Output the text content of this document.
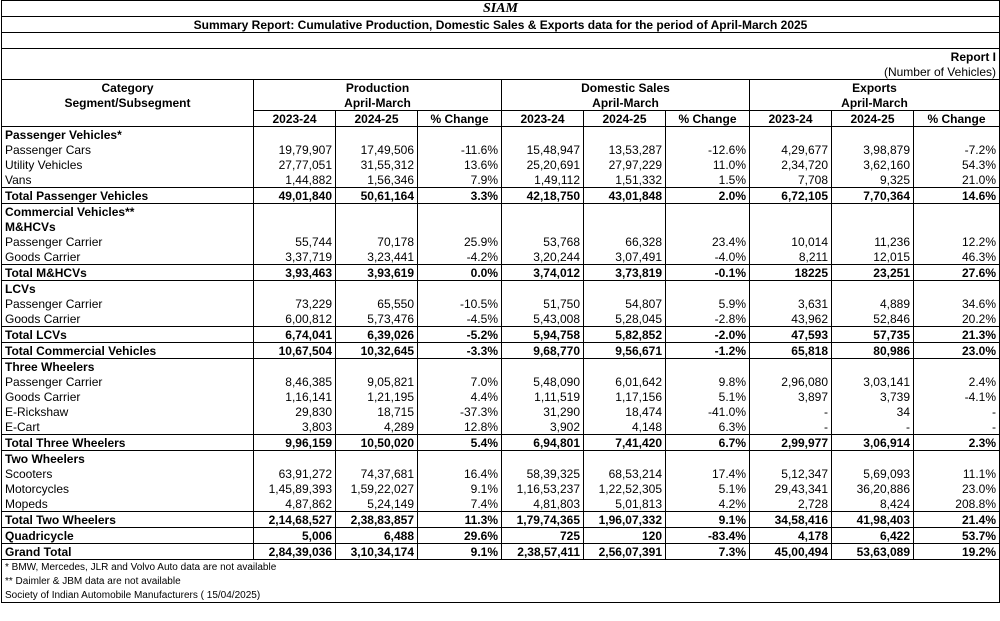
SIAM									
Summary Report: Cumulative Production, Domestic Sales & Exports data for the period of April-March 2025									

Report I									
(Number of Vehicles)									
Category	Production			Domestic Sales			Exports		
Segment/Subsegment	April-March			April-March			April-March		
	2023-24	2024-25	% Change	2023-24	2024-25	% Change	2023-24	2024-25	% Change
Passenger Vehicles*									
Passenger Cars	19,79,907	17,49,506	-11.6%	15,48,947	13,53,287	-12.6%	4,29,677	3,98,879	-7.2%
Utility Vehicles	27,77,051	31,55,312	13.6%	25,20,691	27,97,229	11.0%	2,34,720	3,62,160	54.3%
Vans	1,44,882	1,56,346	7.9%	1,49,112	1,51,332	1.5%	7,708	9,325	21.0%
Total Passenger Vehicles	49,01,840	50,61,164	3.3%	42,18,750	43,01,848	2.0%	6,72,105	7,70,364	14.6%
Commercial Vehicles**									
M&HCVs									
Passenger Carrier	55,744	70,178	25.9%	53,768	66,328	23.4%	10,014	11,236	12.2%
Goods Carrier	3,37,719	3,23,441	-4.2%	3,20,244	3,07,491	-4.0%	8,211	12,015	46.3%
Total M&HCVs	3,93,463	3,93,619	0.0%	3,74,012	3,73,819	-0.1%	18225	23,251	27.6%
LCVs									
Passenger Carrier	73,229	65,550	-10.5%	51,750	54,807	5.9%	3,631	4,889	34.6%
Goods Carrier	6,00,812	5,73,476	-4.5%	5,43,008	5,28,045	-2.8%	43,962	52,846	20.2%
Total LCVs	6,74,041	6,39,026	-5.2%	5,94,758	5,82,852	-2.0%	47,593	57,735	21.3%
Total Commercial Vehicles	10,67,504	10,32,645	-3.3%	9,68,770	9,56,671	-1.2%	65,818	80,986	23.0%
Three Wheelers									
Passenger Carrier	8,46,385	9,05,821	7.0%	5,48,090	6,01,642	9.8%	2,96,080	3,03,141	2.4%
Goods Carrier	1,16,141	1,21,195	4.4%	1,11,519	1,17,156	5.1%	3,897	3,739	-4.1%
E-Rickshaw	29,830	18,715	-37.3%	31,290	18,474	-41.0%	-	34	-
E-Cart	3,803	4,289	12.8%	3,902	4,148	6.3%	-	-	-
Total Three Wheelers	9,96,159	10,50,020	5.4%	6,94,801	7,41,420	6.7%	2,99,977	3,06,914	2.3%
Two Wheelers									
Scooters	63,91,272	74,37,681	16.4%	58,39,325	68,53,214	17.4%	5,12,347	5,69,093	11.1%
Motorcycles	1,45,89,393	1,59,22,027	9.1%	1,16,53,237	1,22,52,305	5.1%	29,43,341	36,20,886	23.0%
Mopeds	4,87,862	5,24,149	7.4%	4,81,803	5,01,813	4.2%	2,728	8,424	208.8%
Total Two Wheelers	2,14,68,527	2,38,83,857	11.3%	1,79,74,365	1,96,07,332	9.1%	34,58,416	41,98,403	21.4%
Quadricycle	5,006	6,488	29.6%	725	120	-83.4%	4,178	6,422	53.7%
Grand Total	2,84,39,036	3,10,34,174	9.1%	2,38,57,411	2,56,07,391	7.3%	45,00,494	53,63,089	19.2%
* BMW, Mercedes, JLR and Volvo Auto data are not available									
** Daimler & JBM data are not available									
Society of Indian Automobile Manufacturers ( 15/04/2025)									
